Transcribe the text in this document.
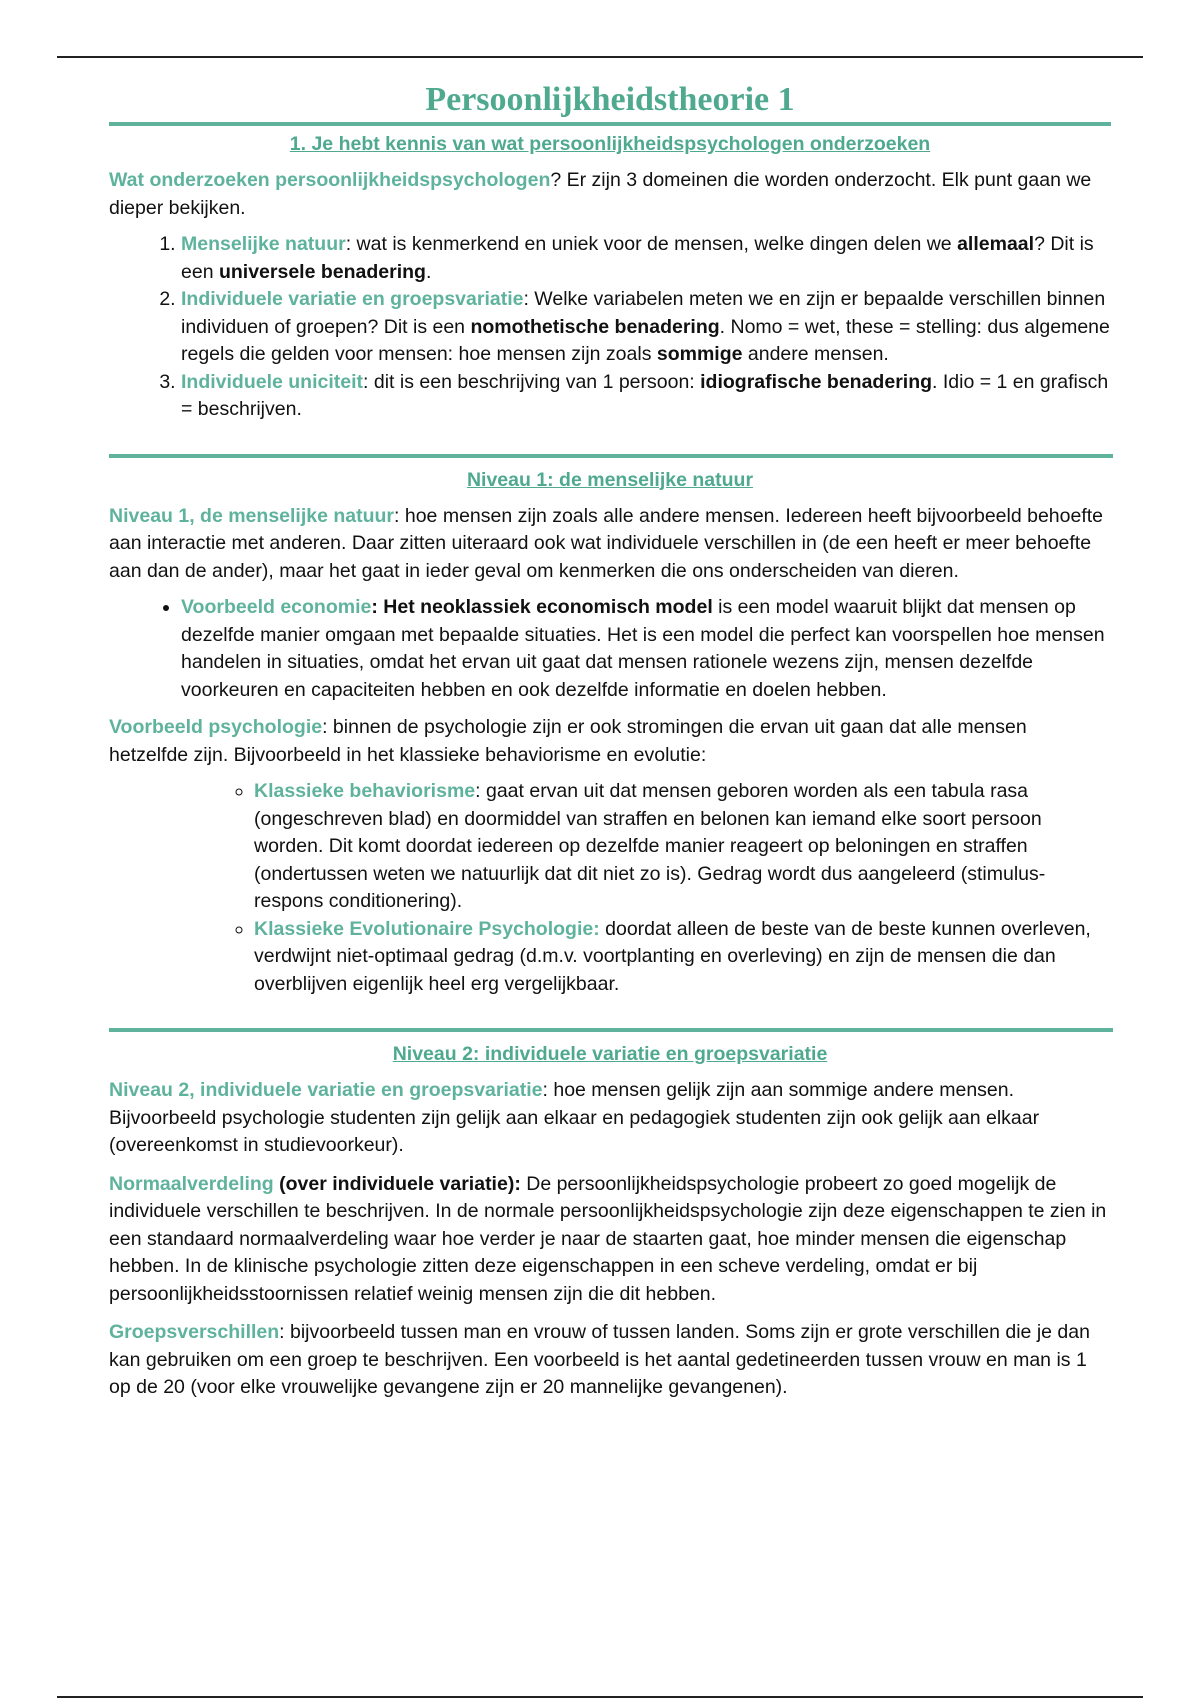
Persoonlijkheidstheorie 1
1. Je hebt kennis van wat persoonlijkheidspsychologen onderzoeken

Wat onderzoeken persoonlijkheidspsychologen? Er zijn 3 domeinen die worden onderzocht. Elk punt gaan we dieper bekijken.

1. Menselijke natuur: wat is kenmerkend en uniek voor de mensen, welke dingen delen we allemaal? Dit is een universele benadering.
2. Individuele variatie en groepsvariatie: Welke variabelen meten we en zijn er bepaalde verschillen binnen individuen of groepen? Dit is een nomothetische benadering. Nomo = wet, these = stelling: dus algemene regels die gelden voor mensen: hoe mensen zijn zoals sommige andere mensen.
3. Individuele uniciteit: dit is een beschrijving van 1 persoon: idiografische benadering. Idio = 1 en grafisch = beschrijven.
Niveau 1: de menselijke natuur

Niveau 1, de menselijke natuur: hoe mensen zijn zoals alle andere mensen. Iedereen heeft bijvoorbeeld behoefte aan interactie met anderen. Daar zitten uiteraard ook wat individuele verschillen in (de een heeft er meer behoefte aan dan de ander), maar het gaat in ieder geval om kenmerken die ons onderscheiden van dieren.

• Voorbeeld economie: Het neoklassiek economisch model is een model waaruit blijkt dat mensen op dezelfde manier omgaan met bepaalde situaties. Het is een model die perfect kan voorspellen hoe mensen handelen in situaties, omdat het ervan uit gaat dat mensen rationele wezens zijn, mensen dezelfde voorkeuren en capaciteiten hebben en ook dezelfde informatie en doelen hebben.

Voorbeeld psychologie: binnen de psychologie zijn er ook stromingen die ervan uit gaan dat alle mensen hetzelfde zijn. Bijvoorbeeld in het klassieke behaviorisme en evolutie:

◦ Klassieke behaviorisme: gaat ervan uit dat mensen geboren worden als een tabula rasa (ongeschreven blad) en doormiddel van straffen en belonen kan iemand elke soort persoon worden. Dit komt doordat iedereen op dezelfde manier reageert op beloningen en straffen (ondertussen weten we natuurlijk dat dit niet zo is). Gedrag wordt dus aangeleerd (stimulus-respons conditionering).
◦ Klassieke Evolutionaire Psychologie: doordat alleen de beste van de beste kunnen overleven, verdwijnt niet-optimaal gedrag (d.m.v. voortplanting en overleving) en zijn de mensen die dan overblijven eigenlijk heel erg vergelijkbaar.
Niveau 2: individuele variatie en groepsvariatie

Niveau 2, individuele variatie en groepsvariatie: hoe mensen gelijk zijn aan sommige andere mensen. Bijvoorbeeld psychologie studenten zijn gelijk aan elkaar en pedagogiek studenten zijn ook gelijk aan elkaar (overeenkomst in studievoorkeur).

Normaalverdeling (over individuele variatie): De persoonlijkheidspsychologie probeert zo goed mogelijk de individuele verschillen te beschrijven. In de normale persoonlijkheidspsychologie zijn deze eigenschappen te zien in een standaard normaalverdeling waar hoe verder je naar de staarten gaat, hoe minder mensen die eigenschap hebben. In de klinische psychologie zitten deze eigenschappen in een scheve verdeling, omdat er bij persoonlijkheidsstoornissen relatief weinig mensen zijn die dit hebben.

Groepsverschillen: bijvoorbeeld tussen man en vrouw of tussen landen. Soms zijn er grote verschillen die je dan kan gebruiken om een groep te beschrijven. Een voorbeeld is het aantal gedetineerden tussen vrouw en man is 1 op de 20 (voor elke vrouwelijke gevangene zijn er 20 mannelijke gevangenen).
